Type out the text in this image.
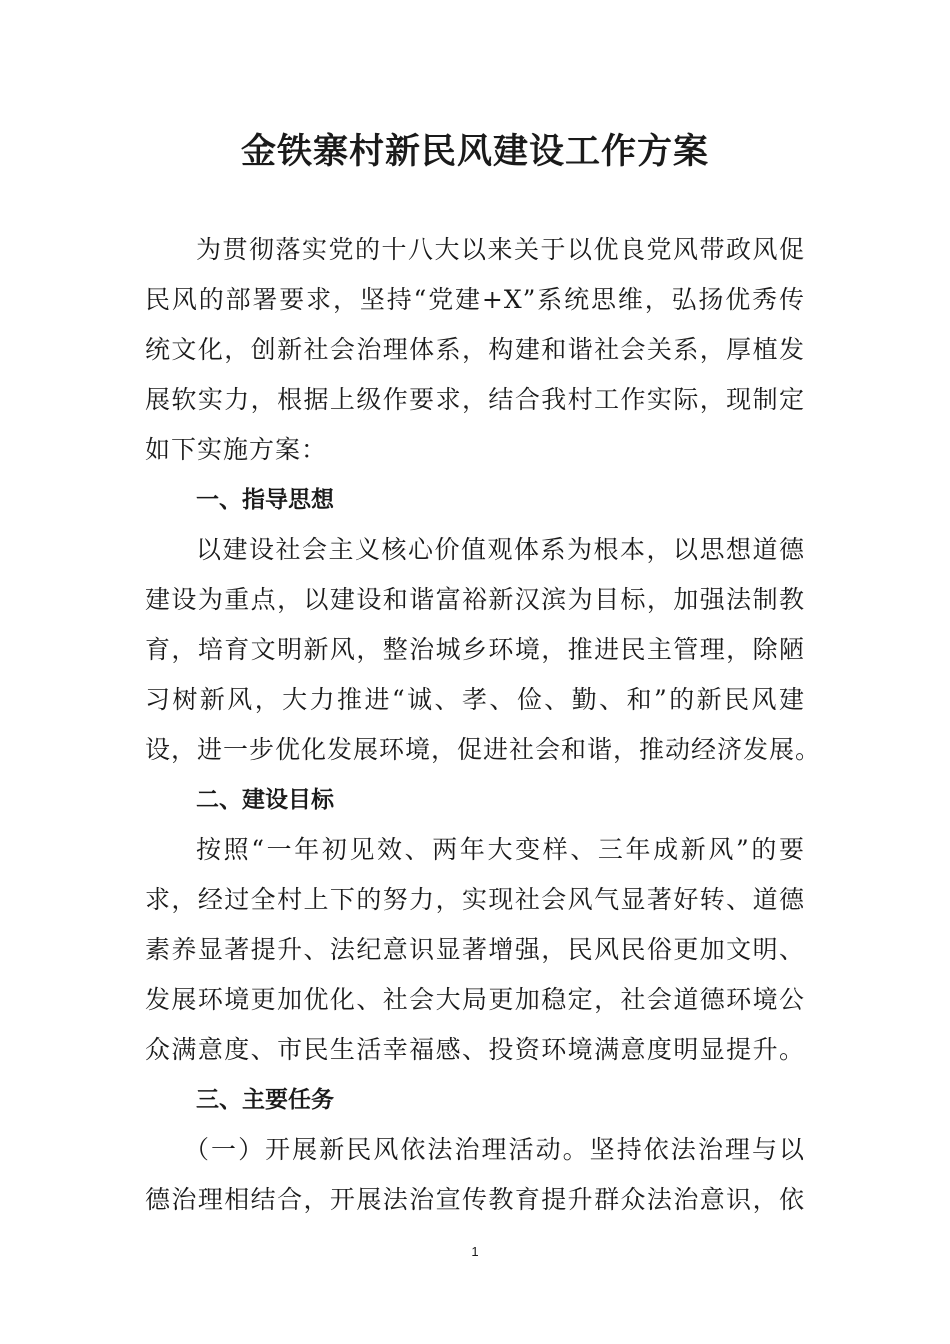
金铁寨村新民风建设工作方案
为贯彻落实党的十八大以来关于以优良党风带政风促
民风的部署要求，坚持“党建+X”系统思维，弘扬优秀传
统文化，创新社会治理体系，构建和谐社会关系，厚植发
展软实力，根据上级作要求，结合我村工作实际，现制定
如下实施方案：
一、指导思想
以建设社会主义核心价值观体系为根本，以思想道德
建设为重点，以建设和谐富裕新汉滨为目标，加强法制教
育，培育文明新风，整治城乡环境，推进民主管理，除陋
习树新风，大力推进“诚、孝、俭、勤、和”的新民风建
设，进一步优化发展环境，促进社会和谐，推动经济发展。
二、建设目标
按照“一年初见效、两年大变样、三年成新风”的要
求，经过全村上下的努力，实现社会风气显著好转、道德
素养显著提升、法纪意识显著增强，民风民俗更加文明、
发展环境更加优化、社会大局更加稳定，社会道德环境公
众满意度、市民生活幸福感、投资环境满意度明显提升。
三、主要任务
（一）开展新民风依法治理活动。坚持依法治理与以
德治理相结合，开展法治宣传教育提升群众法治意识，依
1
